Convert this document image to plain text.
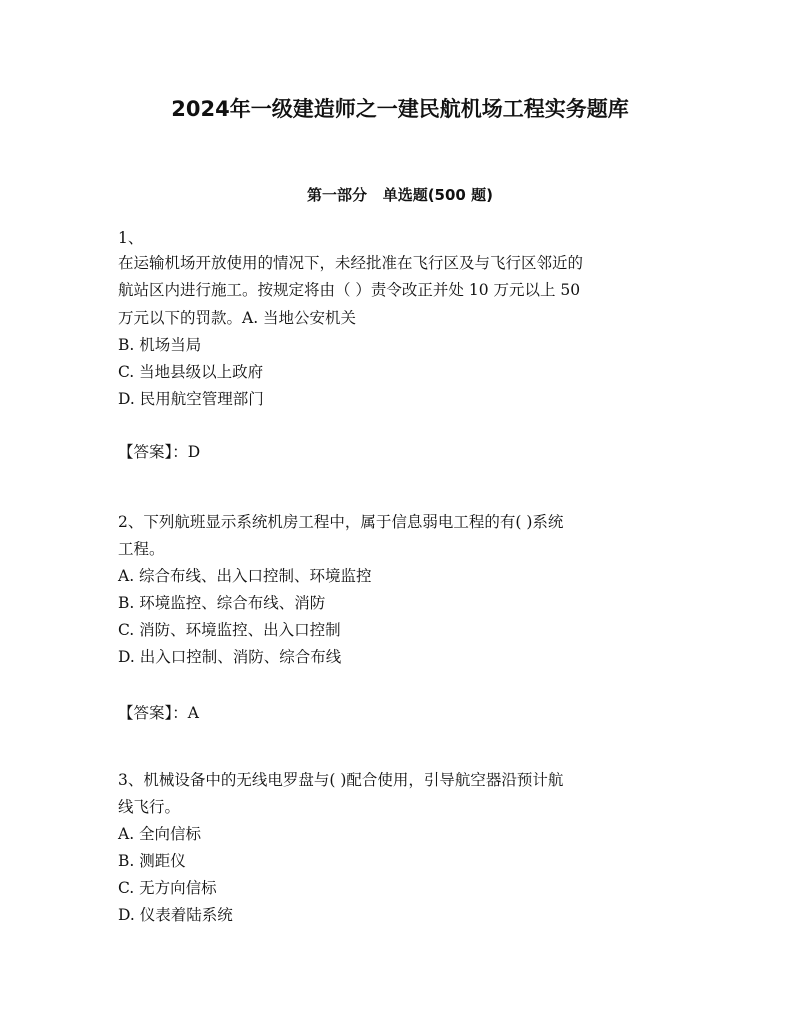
2024年一级建造师之一建民航机场工程实务题库
第一部分   单选题(500 题)
1、
在运输机场开放使用的情况下，未经批准在飞行区及与飞行区邻近的
航站区内进行施工。按规定将由（ ）责令改正并处 10 万元以上 50
万元以下的罚款。A. 当地公安机关
B. 机场当局
C. 当地县级以上政府
D. 民用航空管理部门
【答案】：D
2、下列航班显示系统机房工程中，属于信息弱电工程的有( )系统
工程。
A. 综合布线、出入口控制、环境监控
B. 环境监控、综合布线、消防
C. 消防、环境监控、出入口控制
D. 出入口控制、消防、综合布线
【答案】：A
3、机械设备中的无线电罗盘与( )配合使用，引导航空器沿预计航
线飞行。
A. 全向信标
B. 测距仪
C. 无方向信标
D. 仪表着陆系统
